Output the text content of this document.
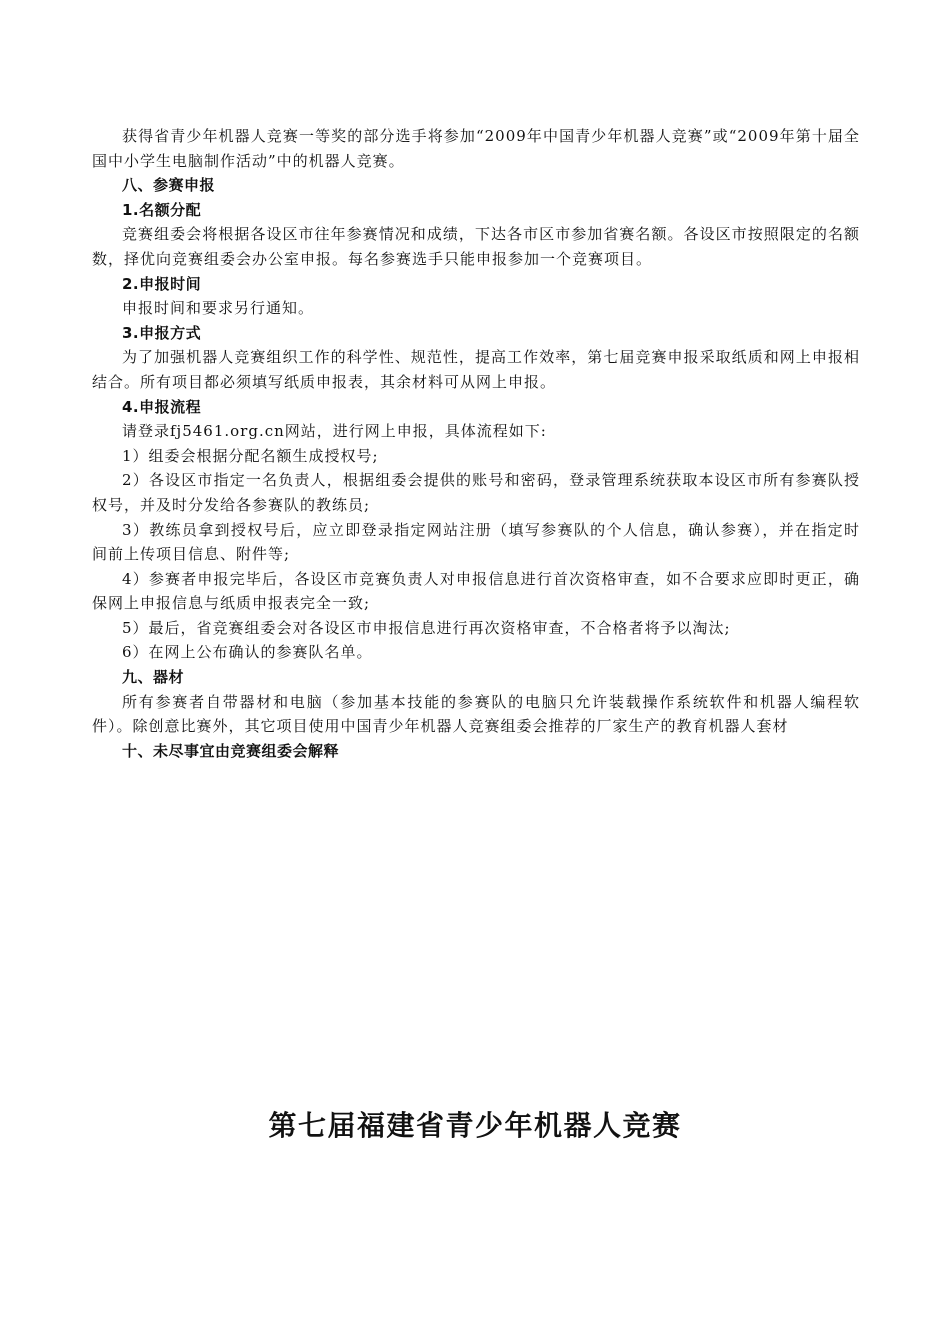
获得省青少年机器人竞赛一等奖的部分选手将参加“2009年中国青少年机器人竞赛”或“2009年第十届全国中小学生电脑制作活动”中的机器人竞赛。

八、参赛申报

1.名额分配

竞赛组委会将根据各设区市往年参赛情况和成绩，下达各市区市参加省赛名额。各设区市按照限定的名额数，择优向竞赛组委会办公室申报。每名参赛选手只能申报参加一个竞赛项目。

2.申报时间

申报时间和要求另行通知。

3.申报方式

为了加强机器人竞赛组织工作的科学性、规范性，提高工作效率，第七届竞赛申报采取纸质和网上申报相结合。所有项目都必须填写纸质申报表，其余材料可从网上申报。

4.申报流程

请登录fj5461.org.cn网站，进行网上申报，具体流程如下:

1）组委会根据分配名额生成授权号;

2）各设区市指定一名负责人，根据组委会提供的账号和密码，登录管理系统获取本设区市所有参赛队授权号，并及时分发给各参赛队的教练员;

3）教练员拿到授权号后，应立即登录指定网站注册（填写参赛队的个人信息，确认参赛），并在指定时间前上传项目信息、附件等;

4）参赛者申报完毕后，各设区市竞赛负责人对申报信息进行首次资格审查，如不合要求应即时更正，确保网上申报信息与纸质申报表完全一致;

5）最后，省竞赛组委会对各设区市申报信息进行再次资格审查，不合格者将予以淘汰;

6）在网上公布确认的参赛队名单。

九、器材

所有参赛者自带器材和电脑（参加基本技能的参赛队的电脑只允许装载操作系统软件和机器人编程软件）。除创意比赛外，其它项目使用中国青少年机器人竞赛组委会推荐的厂家生产的教育机器人套材

十、未尽事宜由竞赛组委会解释

第七届福建省青少年机器人竞赛
